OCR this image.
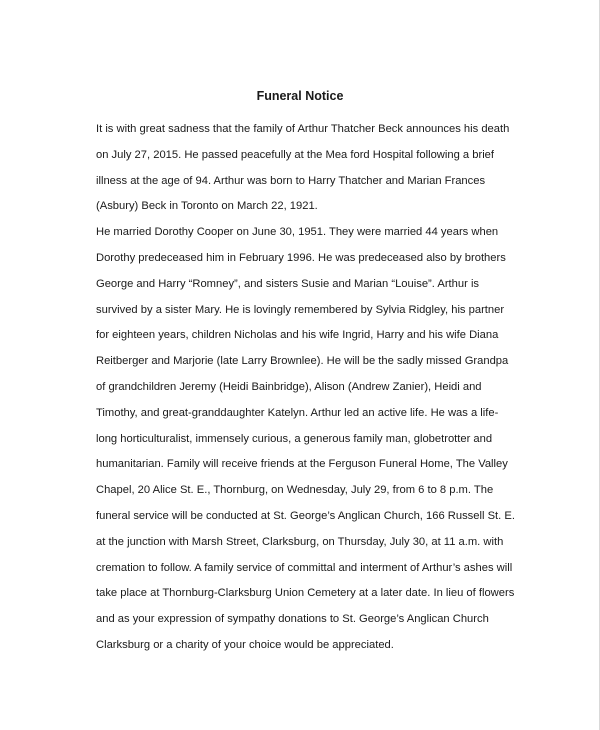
Funeral Notice
It is with great sadness that the family of Arthur Thatcher Beck announces his death
on July 27, 2015. He passed peacefully at the Mea ford Hospital following a brief
illness at the age of 94. Arthur was born to Harry Thatcher and Marian Frances
(Asbury) Beck in Toronto on March 22, 1921.
He married Dorothy Cooper on June 30, 1951. They were married 44 years when
Dorothy predeceased him in February 1996. He was predeceased also by brothers
George and Harry “Romney”, and sisters Susie and Marian “Louise”. Arthur is
survived by a sister Mary. He is lovingly remembered by Sylvia Ridgley, his partner
for eighteen years, children Nicholas and his wife Ingrid, Harry and his wife Diana
Reitberger and Marjorie (late Larry Brownlee). He will be the sadly missed Grandpa
of grandchildren Jeremy (Heidi Bainbridge), Alison (Andrew Zanier), Heidi and
Timothy, and great-granddaughter Katelyn. Arthur led an active life. He was a life-
long horticulturalist, immensely curious, a generous family man, globetrotter and
humanitarian. Family will receive friends at the Ferguson Funeral Home, The Valley
Chapel, 20 Alice St. E., Thornburg, on Wednesday, July 29, from 6 to 8 p.m. The
funeral service will be conducted at St. George’s Anglican Church, 166 Russell St. E.
at the junction with Marsh Street, Clarksburg, on Thursday, July 30, at 11 a.m. with
cremation to follow. A family service of committal and interment of Arthur’s ashes will
take place at Thornburg-Clarksburg Union Cemetery at a later date. In lieu of flowers
and as your expression of sympathy donations to St. George’s Anglican Church
Clarksburg or a charity of your choice would be appreciated.
